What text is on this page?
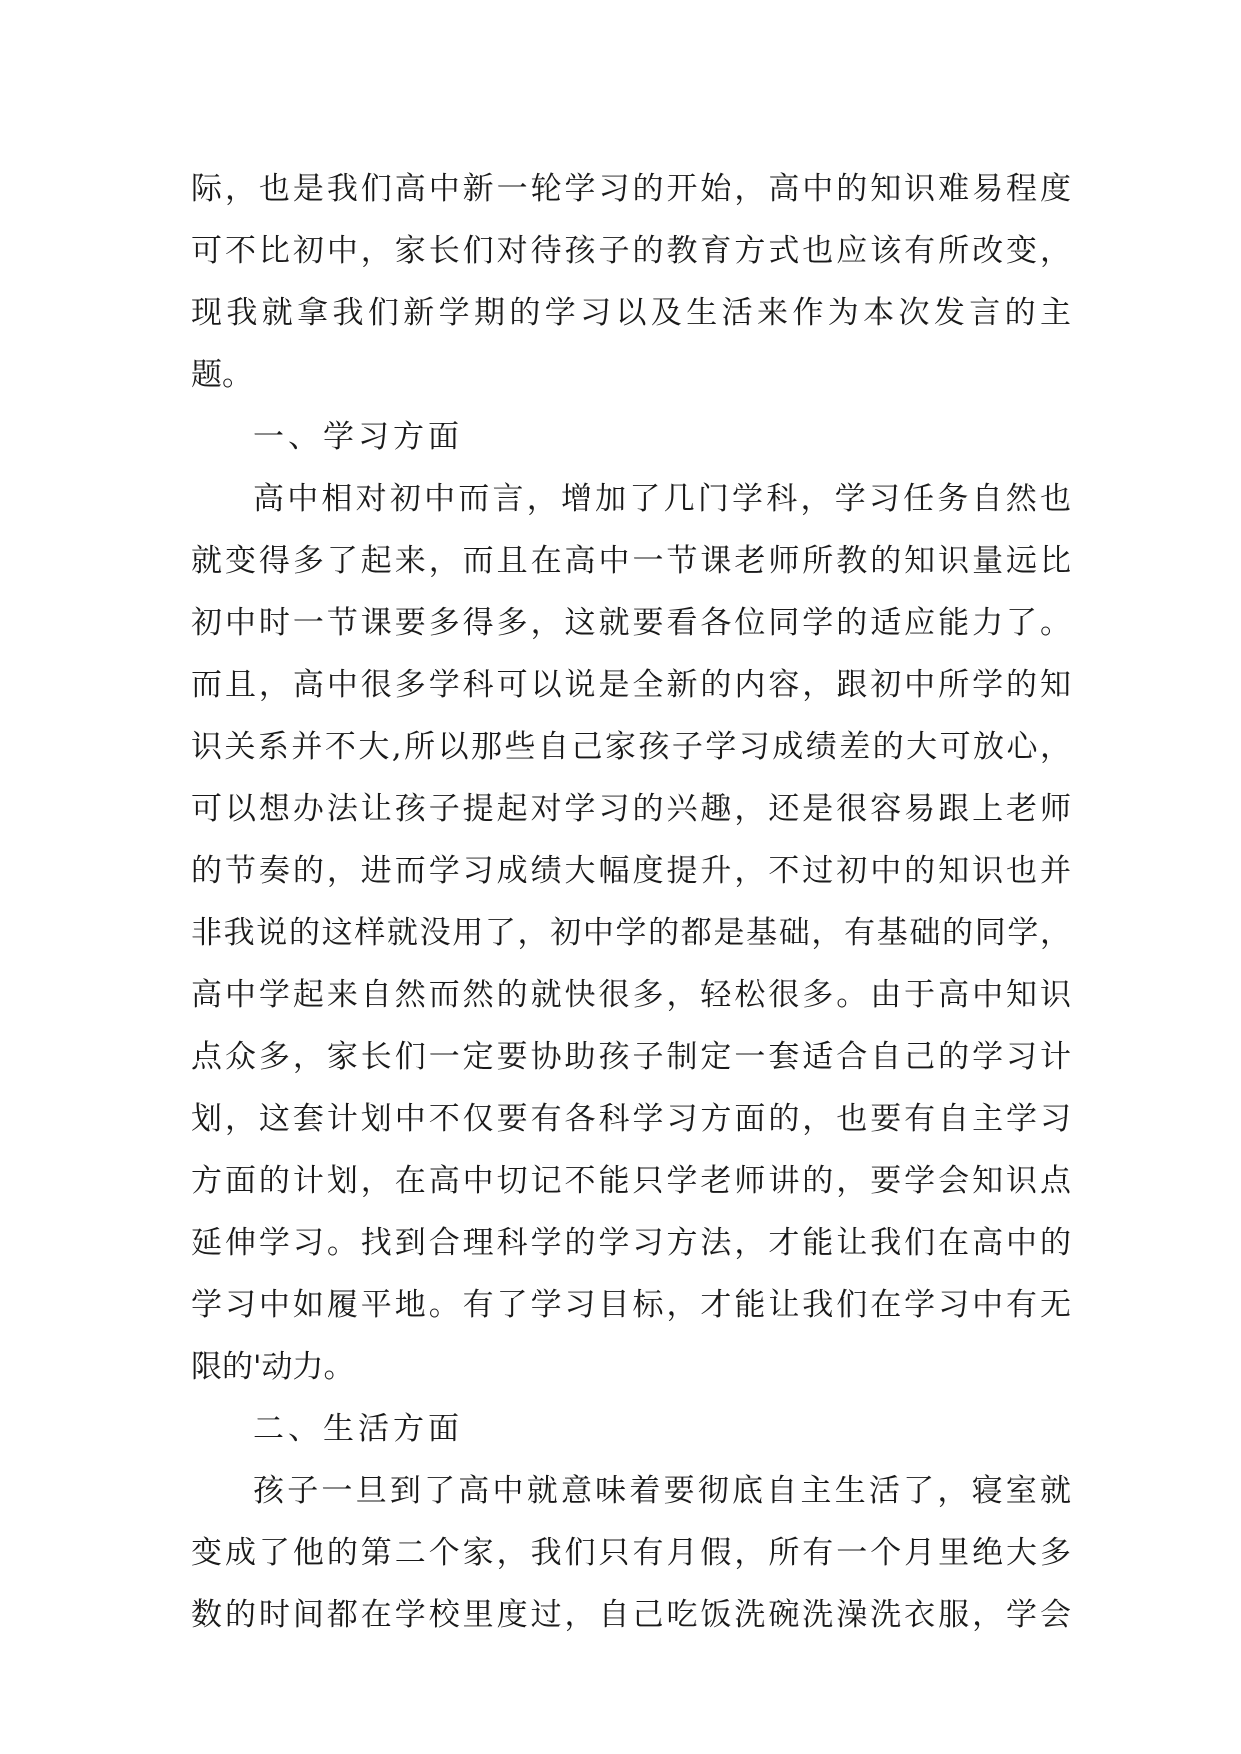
际，也是我们高中新一轮学习的开始，高中的知识难易程度
可不比初中，家长们对待孩子的教育方式也应该有所改变，
现我就拿我们新学期的学习以及生活来作为本次发言的主
题。
一、学习方面
高中相对初中而言，增加了几门学科，学习任务自然也
就变得多了起来，而且在高中一节课老师所教的知识量远比
初中时一节课要多得多，这就要看各位同学的适应能力了。
而且，高中很多学科可以说是全新的内容，跟初中所学的知
识关系并不大,所以那些自己家孩子学习成绩差的大可放心，
可以想办法让孩子提起对学习的兴趣，还是很容易跟上老师
的节奏的，进而学习成绩大幅度提升，不过初中的知识也并
非我说的这样就没用了，初中学的都是基础，有基础的同学，
高中学起来自然而然的就快很多，轻松很多。由于高中知识
点众多，家长们一定要协助孩子制定一套适合自己的学习计
划，这套计划中不仅要有各科学习方面的，也要有自主学习
方面的计划，在高中切记不能只学老师讲的，要学会知识点
延伸学习。找到合理科学的学习方法，才能让我们在高中的
学习中如履平地。有了学习目标，才能让我们在学习中有无
限的'动力。
二、生活方面
孩子一旦到了高中就意味着要彻底自主生活了，寝室就
变成了他的第二个家，我们只有月假，所有一个月里绝大多
数的时间都在学校里度过，自己吃饭洗碗洗澡洗衣服，学会
